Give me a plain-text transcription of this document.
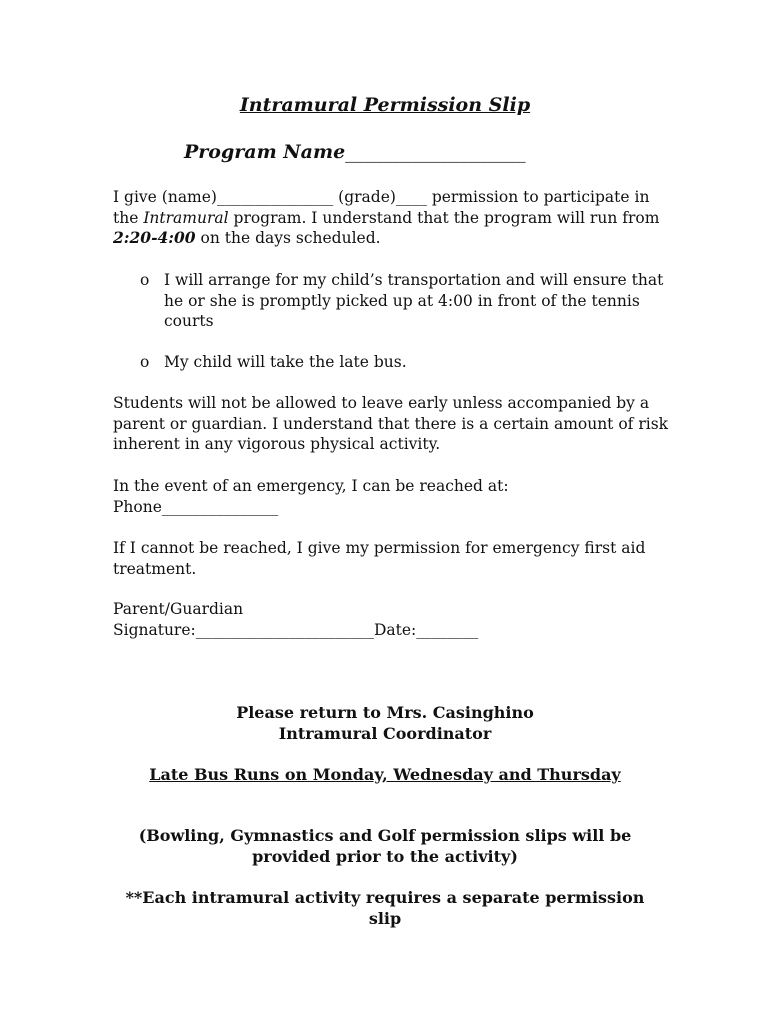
Intramural Permission Slip
Program Name___________________
I give (name)_______________ (grade)____ permission to participate in the Intramural program. I understand that the program will run from 2:20-4:00 on the days scheduled.
o I will arrange for my child’s transportation and will ensure that he or she is promptly picked up at 4:00 in front of the tennis courts
o My child will take the late bus.
Students will not be allowed to leave early unless accompanied by a parent or guardian. I understand that there is a certain amount of risk inherent in any vigorous physical activity.
In the event of an emergency, I can be reached at:
Phone_______________
If I cannot be reached, I give my permission for emergency first aid treatment.
Parent/Guardian
Signature:_______________________Date:________
Please return to Mrs. Casinghino
Intramural Coordinator
Late Bus Runs on Monday, Wednesday and Thursday
(Bowling, Gymnastics and Golf permission slips will be provided prior to the activity)
**Each intramural activity requires a separate permission slip
